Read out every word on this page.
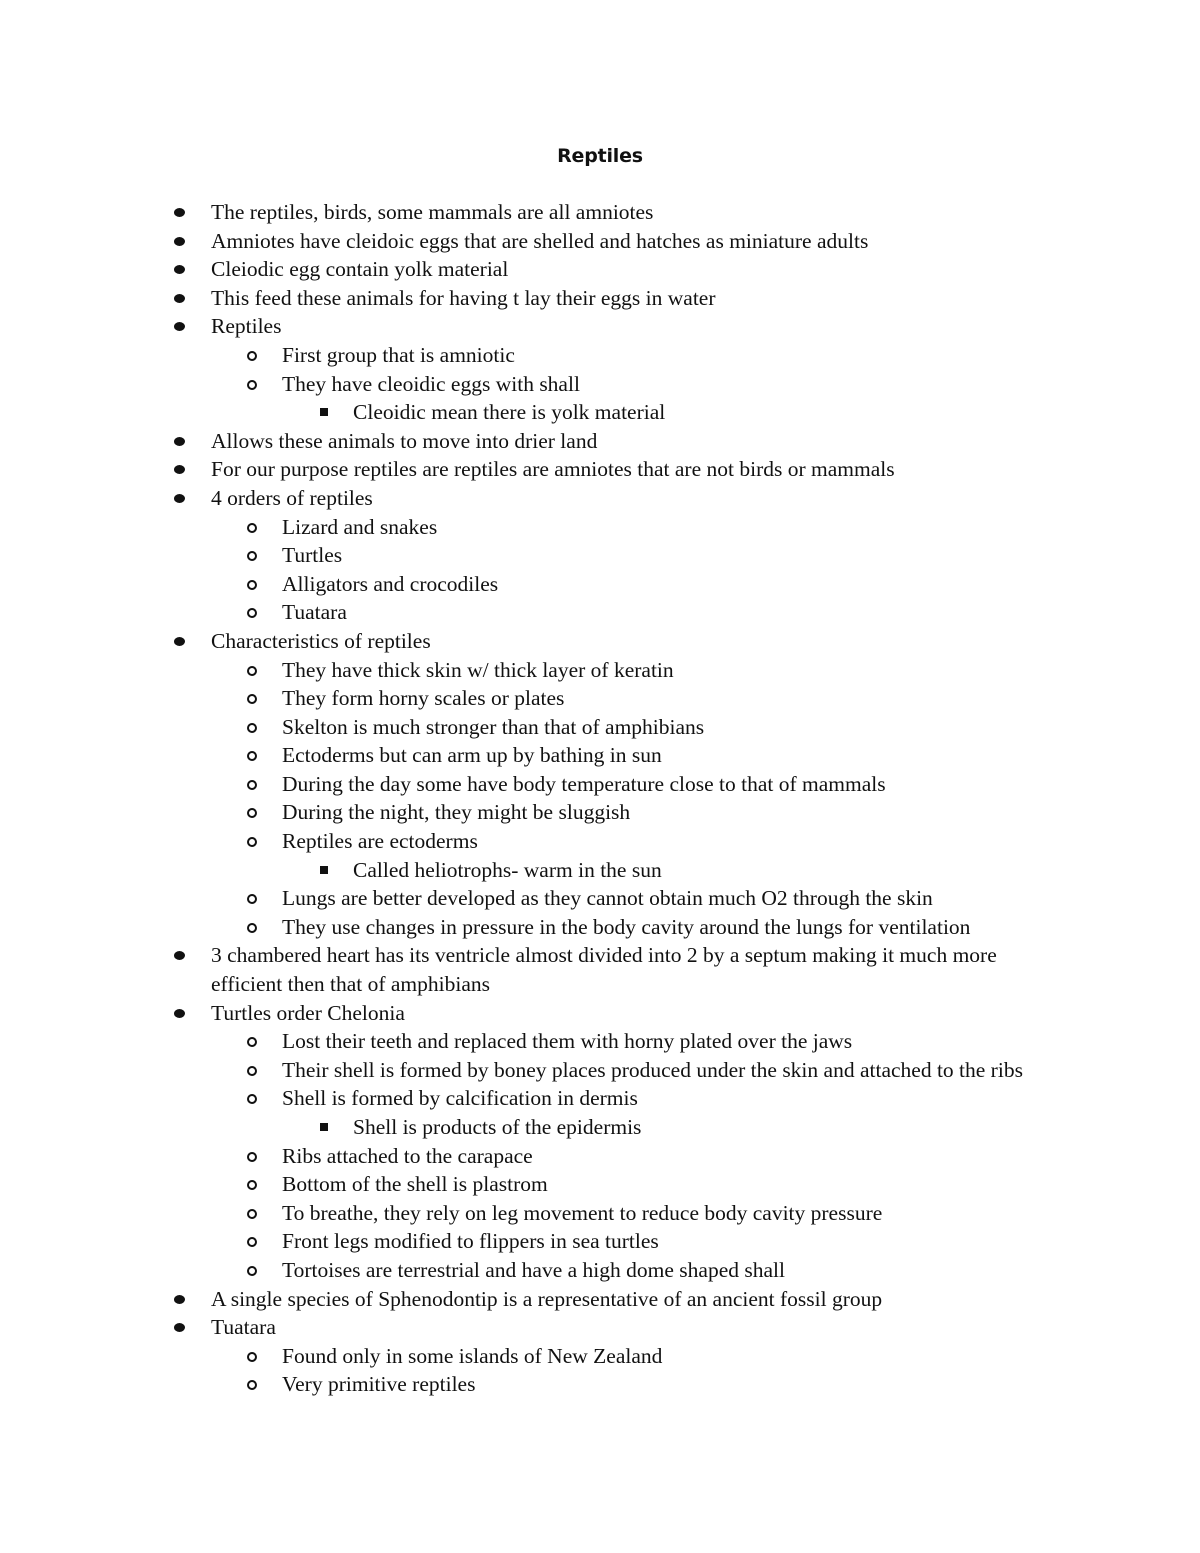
Reptiles
The reptiles, birds, some mammals are all amniotes
Amniotes have cleidoic eggs that are shelled and hatches as miniature adults
Cleiodic egg contain yolk material
This feed these animals for having t lay their eggs in water
Reptiles
First group that is amniotic
They have cleoidic eggs with shall
Cleoidic mean there is yolk material
Allows these animals to move into drier land
For our purpose reptiles are reptiles are amniotes that are not birds or mammals
4 orders of reptiles
Lizard and snakes
Turtles
Alligators and crocodiles
Tuatara
Characteristics of reptiles
They have thick skin w/ thick layer of keratin
They form horny scales or plates
Skelton is much stronger than that of amphibians
Ectoderms but can arm up by bathing in sun
During the day some have body temperature close to that of mammals
During the night, they might be sluggish
Reptiles are ectoderms
Called heliotrophs- warm in the sun
Lungs are better developed as they cannot obtain much O2 through the skin
They use changes in pressure in the body cavity around the lungs for ventilation
3 chambered heart has its ventricle almost divided into 2 by a septum making it much more efficient then that of amphibians
Turtles order Chelonia
Lost their teeth and replaced them with horny plated over the jaws
Their shell is formed by boney places produced under the skin and attached to the ribs
Shell is formed by calcification in dermis
Shell is products of the epidermis
Ribs attached to the carapace
Bottom of the shell is plastrom
To breathe, they rely on leg movement to reduce body cavity pressure
Front legs modified to flippers in sea turtles
Tortoises are terrestrial and have a high dome shaped shall
A single species of Sphenodontip is a representative of an ancient fossil group
Tuatara
Found only in some islands of New Zealand
Very primitive reptiles
